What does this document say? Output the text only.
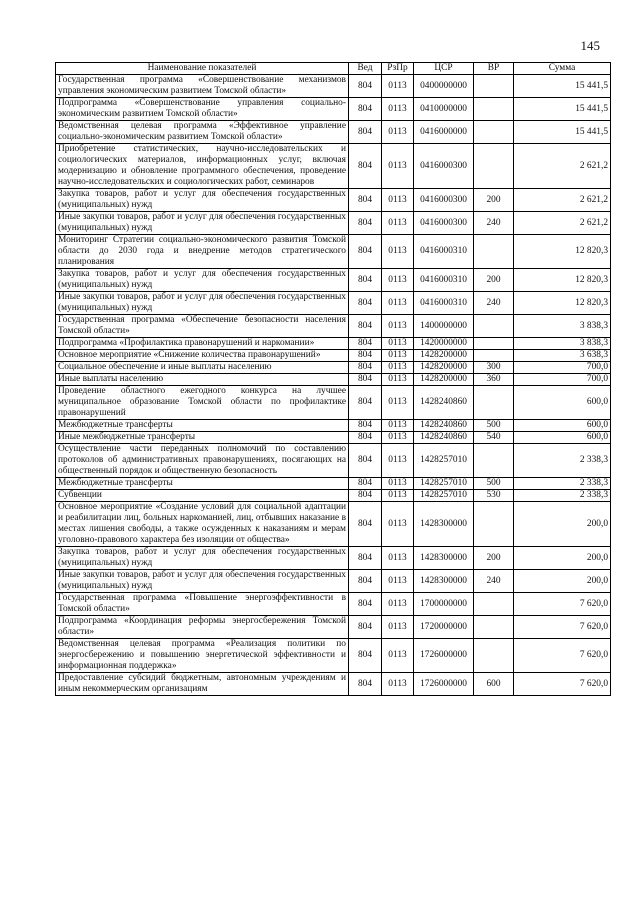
145
Наименование показателей	Вед	РзПр	ЦСР	ВР	Сумма
Государственная программа «Совершенствование механизмов управления экономическим развитием Томской области»	804	0113	0400000000		15 441,5
Подпрограмма «Совершенствование управления социально-экономическим развитием Томской области»	804	0113	0410000000		15 441,5
Ведомственная целевая программа «Эффективное управление социально-экономическим развитием Томской области»	804	0113	0416000000		15 441,5
Приобретение статистических, научно-исследовательских и социологических материалов, информационных услуг, включая модернизацию и обновление программного обеспечения, проведение научно-исследовательских и социологических работ, семинаров	804	0113	0416000300		2 621,2
Закупка товаров, работ и услуг для обеспечения государственных (муниципальных) нужд	804	0113	0416000300	200	2 621,2
Иные закупки товаров, работ и услуг для обеспечения государственных (муниципальных) нужд	804	0113	0416000300	240	2 621,2
Мониторинг Стратегии социально-экономического развития Томской области до 2030 года и внедрение методов стратегического планирования	804	0113	0416000310		12 820,3
Закупка товаров, работ и услуг для обеспечения государственных (муниципальных) нужд	804	0113	0416000310	200	12 820,3
Иные закупки товаров, работ и услуг для обеспечения государственных (муниципальных) нужд	804	0113	0416000310	240	12 820,3
Государственная программа «Обеспечение безопасности населения Томской области»	804	0113	1400000000		3 838,3
Подпрограмма «Профилактика правонарушений и наркомании»	804	0113	1420000000		3 838,3
Основное мероприятие «Снижение количества правонарушений»	804	0113	1428200000		3 638,3
Социальное обеспечение и иные выплаты населению	804	0113	1428200000	300	700,0
Иные выплаты населению	804	0113	1428200000	360	700,0
Проведение областного ежегодного конкурса на лучшее муниципальное образование Томской области по профилактике правонарушений	804	0113	1428240860		600,0
Межбюджетные трансферты	804	0113	1428240860	500	600,0
Иные межбюджетные трансферты	804	0113	1428240860	540	600,0
Осуществление части переданных полномочий по составлению протоколов об административных правонарушениях, посягающих на общественный порядок и общественную безопасность	804	0113	1428257010		2 338,3
Межбюджетные трансферты	804	0113	1428257010	500	2 338,3
Субвенции	804	0113	1428257010	530	2 338,3
Основное мероприятие «Создание условий для социальной адаптации и реабилитации лиц, больных наркоманией, лиц, отбывших наказание в местах лишения свободы, а также осужденных к наказаниям и мерам уголовно-правового характера без изоляции от общества»	804	0113	1428300000		200,0
Закупка товаров, работ и услуг для обеспечения государственных (муниципальных) нужд	804	0113	1428300000	200	200,0
Иные закупки товаров, работ и услуг для обеспечения государственных (муниципальных) нужд	804	0113	1428300000	240	200,0
Государственная программа «Повышение энергоэффективности в Томской области»	804	0113	1700000000		7 620,0
Подпрограмма «Координация реформы энергосбережения Томской области»	804	0113	1720000000		7 620,0
Ведомственная целевая программа «Реализация политики по энергосбережению и повышению энергетической эффективности и информационная поддержка»	804	0113	1726000000		7 620,0
Предоставление субсидий бюджетным, автономным учреждениям и иным некоммерческим организациям	804	0113	1726000000	600	7 620,0
